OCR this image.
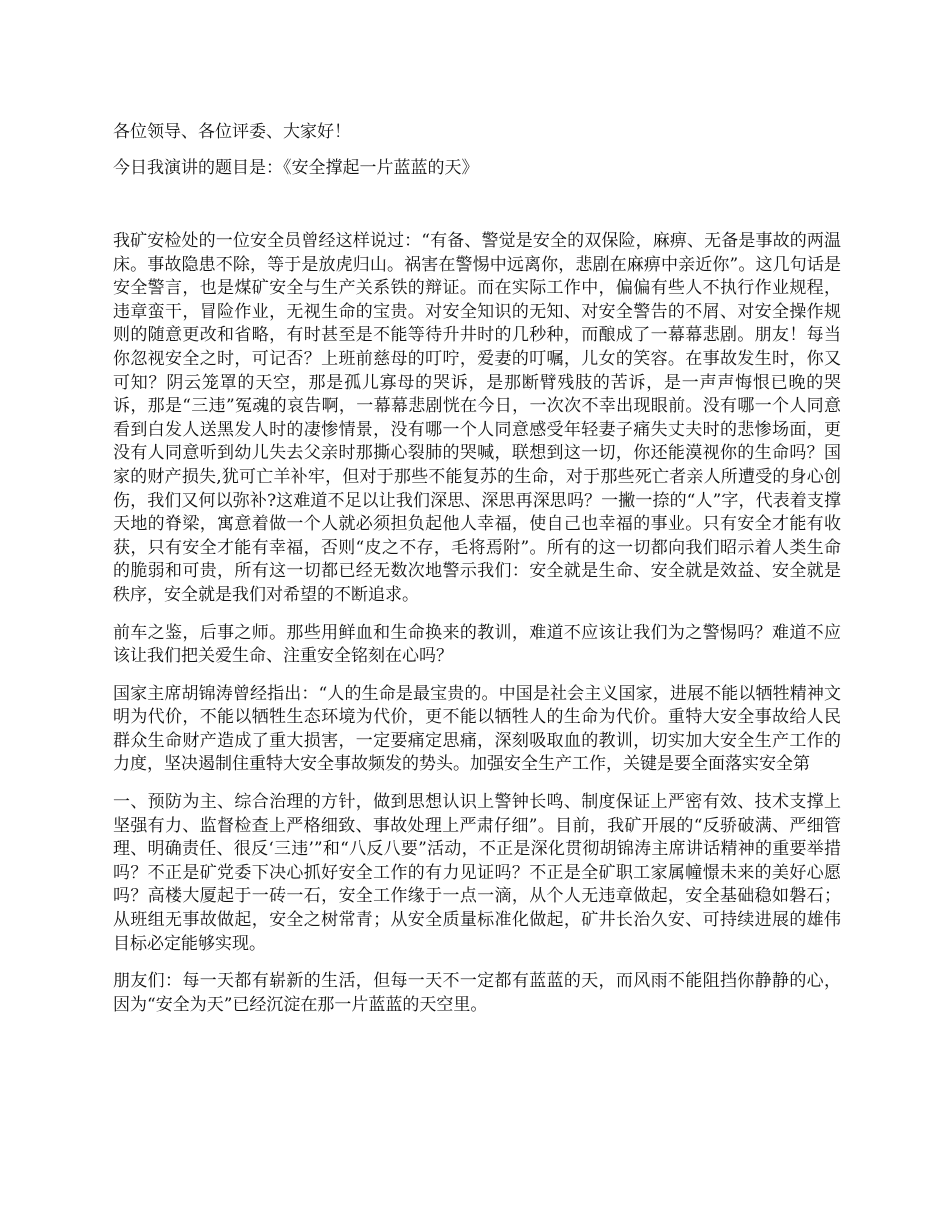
各位领导、各位评委、大家好！

今日我演讲的题目是：《安全撑起一片蓝蓝的天》

我矿安检处的一位安全员曾经这样说过：“有备、警觉是安全的双保险，麻痹、无备是事故的两温床。事故隐患不除，等于是放虎归山。祸害在警惕中远离你，悲剧在麻痹中亲近你”。这几句话是安全警言，也是煤矿安全与生产关系铁的辩证。而在实际工作中，偏偏有些人不执行作业规程，违章蛮干，冒险作业，无视生命的宝贵。对安全知识的无知、对安全警告的不屑、对安全操作规则的随意更改和省略，有时甚至是不能等待升井时的几秒种，而酿成了一幕幕悲剧。朋友！每当你忽视安全之时，可记否？上班前慈母的叮咛，爱妻的叮嘱，儿女的笑容。在事故发生时，你又可知？阴云笼罩的天空，那是孤儿寡母的哭诉，是那断臂残肢的苦诉，是一声声悔恨已晚的哭诉，那是“三违”冤魂的哀告啊，一幕幕悲剧恍在今日，一次次不幸出现眼前。没有哪一个人同意看到白发人送黑发人时的凄惨情景，没有哪一个人同意感受年轻妻子痛失丈夫时的悲惨场面，更没有人同意听到幼儿失去父亲时那撕心裂肺的哭喊，联想到这一切，你还能漠视你的生命吗？国家的财产损失,犹可亡羊补牢，但对于那些不能复苏的生命，对于那些死亡者亲人所遭受的身心创伤，我们又何以弥补?这难道不足以让我们深思、深思再深思吗？一撇一捺的“人”字，代表着支撑天地的脊梁，寓意着做一个人就必须担负起他人幸福，使自己也幸福的事业。只有安全才能有收获，只有安全才能有幸福，否则“皮之不存，毛将焉附”。所有的这一切都向我们昭示着人类生命的脆弱和可贵，所有这一切都已经无数次地警示我们：安全就是生命、安全就是效益、安全就是秩序，安全就是我们对希望的不断追求。

前车之鉴，后事之师。那些用鲜血和生命换来的教训，难道不应该让我们为之警惕吗？难道不应该让我们把关爱生命、注重安全铭刻在心吗？

国家主席胡锦涛曾经指出：“人的生命是最宝贵的。中国是社会主义国家，进展不能以牺牲精神文明为代价，不能以牺牲生态环境为代价，更不能以牺牲人的生命为代价。重特大安全事故给人民群众生命财产造成了重大损害，一定要痛定思痛，深刻吸取血的教训，切实加大安全生产工作的力度，坚决遏制住重特大安全事故频发的势头。加强安全生产工作，关键是要全面落实安全第

一、预防为主、综合治理的方针，做到思想认识上警钟长鸣、制度保证上严密有效、技术支撑上坚强有力、监督检查上严格细致、事故处理上严肃仔细”。目前，我矿开展的“反骄破满、严细管理、明确责任、很反‘三违’”和“八反八要”活动，不正是深化贯彻胡锦涛主席讲话精神的重要举措吗？不正是矿党委下决心抓好安全工作的有力见证吗？不正是全矿职工家属幢憬未来的美好心愿吗？高楼大厦起于一砖一石，安全工作缘于一点一滴，从个人无违章做起，安全基础稳如磐石；从班组无事故做起，安全之树常青；从安全质量标准化做起，矿井长治久安、可持续进展的雄伟目标必定能够实现。

朋友们：每一天都有崭新的生活，但每一天不一定都有蓝蓝的天，而风雨不能阻挡你静静的心，因为“安全为天”已经沉淀在那一片蓝蓝的天空里。
